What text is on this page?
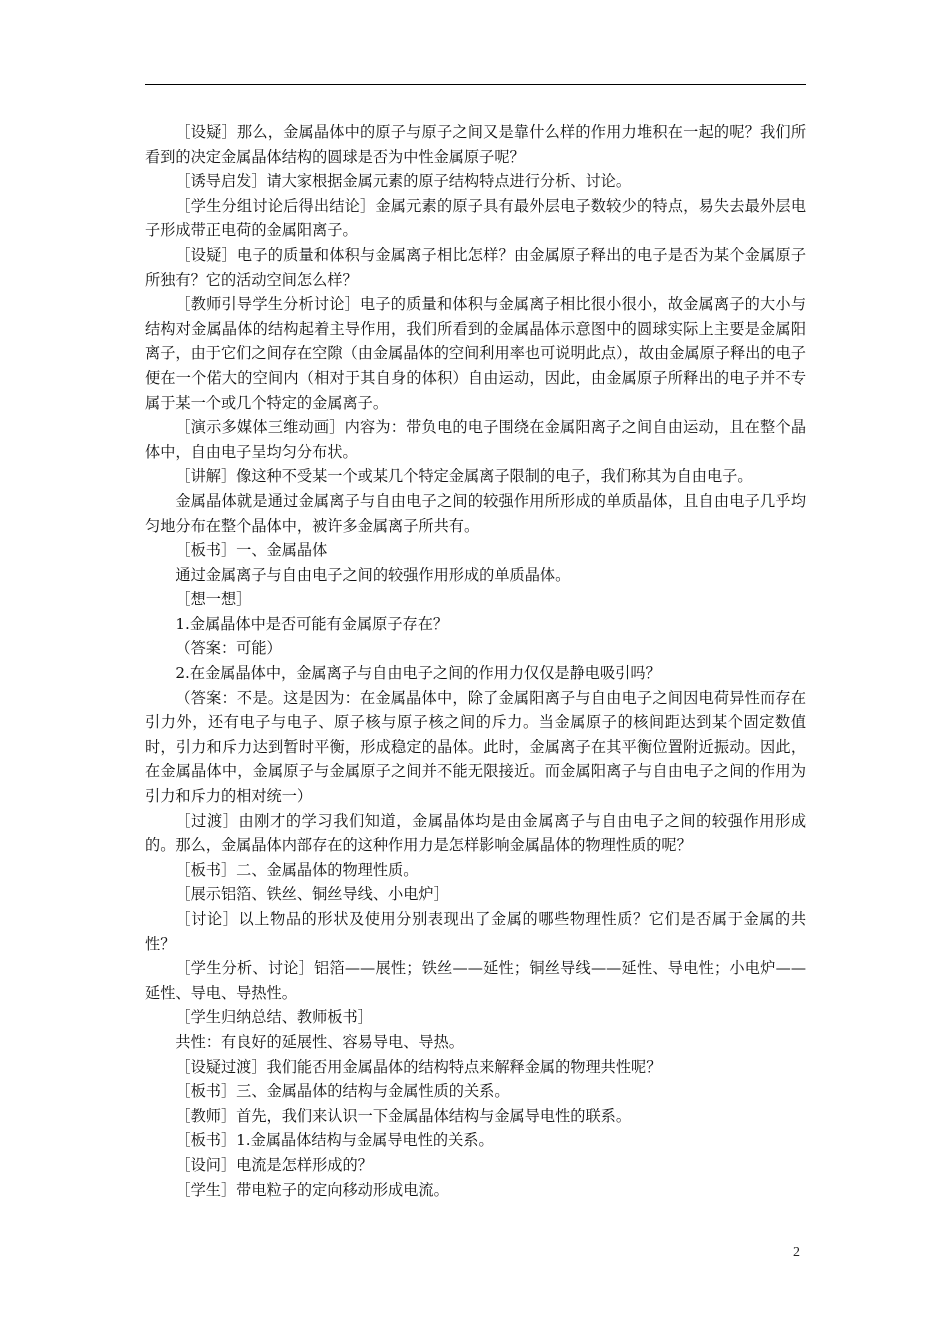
［设疑］那么，金属晶体中的原子与原子之间又是靠什么样的作用力堆积在一起的呢？我们所看到的决定金属晶体结构的圆球是否为中性金属原子呢？

［诱导启发］请大家根据金属元素的原子结构特点进行分析、讨论。

［学生分组讨论后得出结论］金属元素的原子具有最外层电子数较少的特点，易失去最外层电子形成带正电荷的金属阳离子。

［设疑］电子的质量和体积与金属离子相比怎样？由金属原子释出的电子是否为某个金属原子所独有？它的活动空间怎么样？

［教师引导学生分析讨论］电子的质量和体积与金属离子相比很小很小，故金属离子的大小与结构对金属晶体的结构起着主导作用，我们所看到的金属晶体示意图中的圆球实际上主要是金属阳离子，由于它们之间存在空隙（由金属晶体的空间利用率也可说明此点），故由金属原子释出的电子便在一个偌大的空间内（相对于其自身的体积）自由运动，因此，由金属原子所释出的电子并不专属于某一个或几个特定的金属离子。

［演示多媒体三维动画］内容为：带负电的电子围绕在金属阳离子之间自由运动，且在整个晶体中，自由电子呈均匀分布状。

［讲解］像这种不受某一个或某几个特定金属离子限制的电子，我们称其为自由电子。

金属晶体就是通过金属离子与自由电子之间的较强作用所形成的单质晶体，且自由电子几乎均匀地分布在整个晶体中，被许多金属离子所共有。

［板书］一、金属晶体

通过金属离子与自由电子之间的较强作用形成的单质晶体。

［想一想］

1.金属晶体中是否可能有金属原子存在？

（答案：可能）

2.在金属晶体中，金属离子与自由电子之间的作用力仅仅是静电吸引吗？

（答案：不是。这是因为：在金属晶体中，除了金属阳离子与自由电子之间因电荷异性而存在引力外，还有电子与电子、原子核与原子核之间的斥力。当金属原子的核间距达到某个固定数值时，引力和斥力达到暂时平衡，形成稳定的晶体。此时，金属离子在其平衡位置附近振动。因此，在金属晶体中，金属原子与金属原子之间并不能无限接近。而金属阳离子与自由电子之间的作用为引力和斥力的相对统一）

［过渡］由刚才的学习我们知道，金属晶体均是由金属离子与自由电子之间的较强作用形成的。那么，金属晶体内部存在的这种作用力是怎样影响金属晶体的物理性质的呢？

［板书］二、金属晶体的物理性质。

［展示铝箔、铁丝、铜丝导线、小电炉］

［讨论］以上物品的形状及使用分别表现出了金属的哪些物理性质？它们是否属于金属的共性？

［学生分析、讨论］铝箔——展性；铁丝——延性；铜丝导线——延性、导电性；小电炉——延性、导电、导热性。

［学生归纳总结、教师板书］

共性：有良好的延展性、容易导电、导热。

［设疑过渡］我们能否用金属晶体的结构特点来解释金属的物理共性呢？

［板书］三、金属晶体的结构与金属性质的关系。

［教师］首先，我们来认识一下金属晶体结构与金属导电性的联系。

［板书］1.金属晶体结构与金属导电性的关系。

［设问］电流是怎样形成的？

［学生］带电粒子的定向移动形成电流。

2
